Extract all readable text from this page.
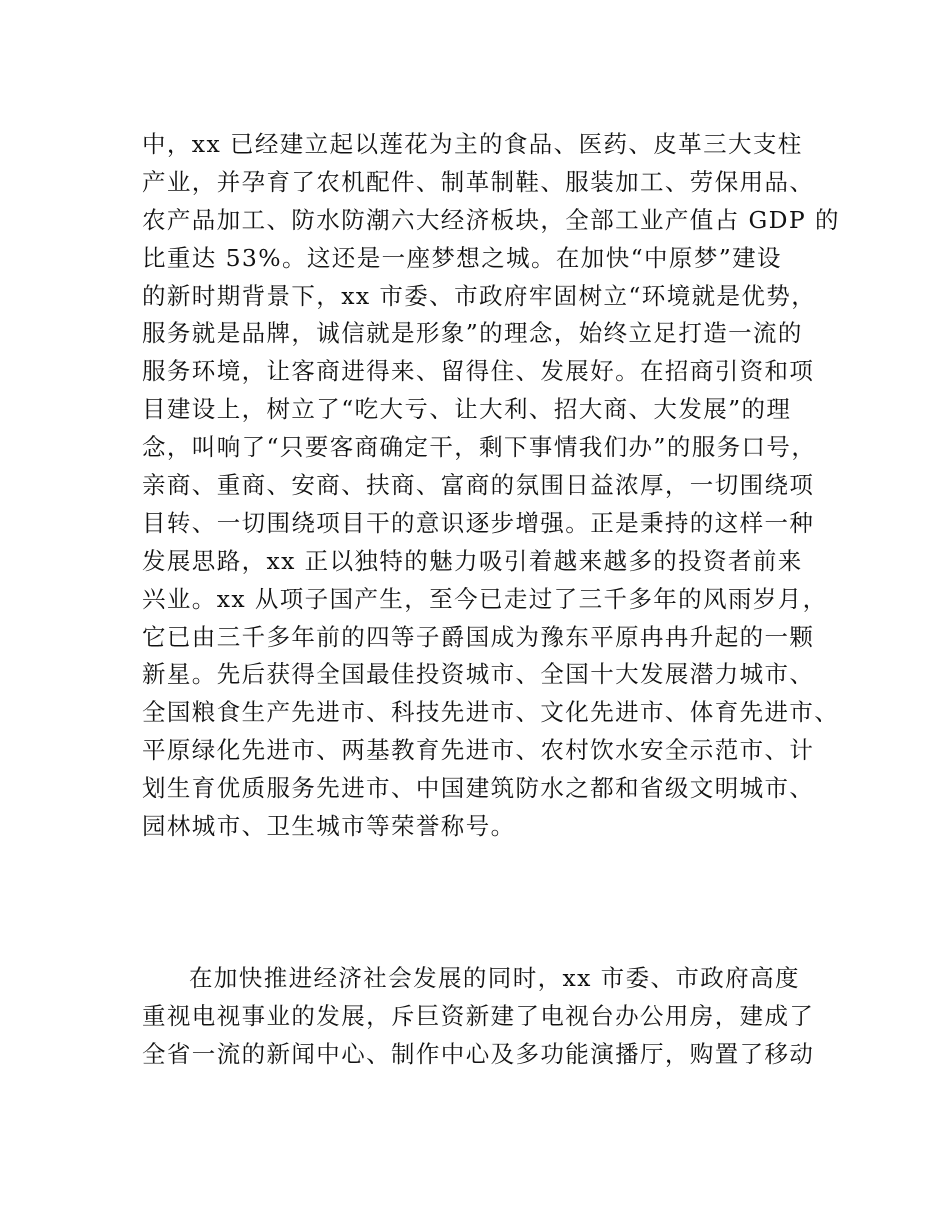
中，xx 已经建立起以莲花为主的食品、医药、皮革三大支柱
产业，并孕育了农机配件、制革制鞋、服装加工、劳保用品、
农产品加工、防水防潮六大经济板块，全部工业产值占 GDP 的
比重达 53%。这还是一座梦想之城。在加快“中原梦”建设
的新时期背景下，xx 市委、市政府牢固树立“环境就是优势，
服务就是品牌，诚信就是形象”的理念，始终立足打造一流的
服务环境，让客商进得来、留得住、发展好。在招商引资和项
目建设上，树立了“吃大亏、让大利、招大商、大发展”的理
念，叫响了“只要客商确定干，剩下事情我们办”的服务口号，
亲商、重商、安商、扶商、富商的氛围日益浓厚，一切围绕项
目转、一切围绕项目干的意识逐步增强。正是秉持的这样一种
发展思路，xx 正以独特的魅力吸引着越来越多的投资者前来
兴业。xx 从项子国产生，至今已走过了三千多年的风雨岁月，
它已由三千多年前的四等子爵国成为豫东平原冉冉升起的一颗
新星。先后获得全国最佳投资城市、全国十大发展潜力城市、
全国粮食生产先进市、科技先进市、文化先进市、体育先进市、
平原绿化先进市、两基教育先进市、农村饮水安全示范市、计
划生育优质服务先进市、中国建筑防水之都和省级文明城市、
园林城市、卫生城市等荣誉称号。
在加快推进经济社会发展的同时，xx 市委、市政府高度
重视电视事业的发展，斥巨资新建了电视台办公用房，建成了
全省一流的新闻中心、制作中心及多功能演播厅，购置了移动
